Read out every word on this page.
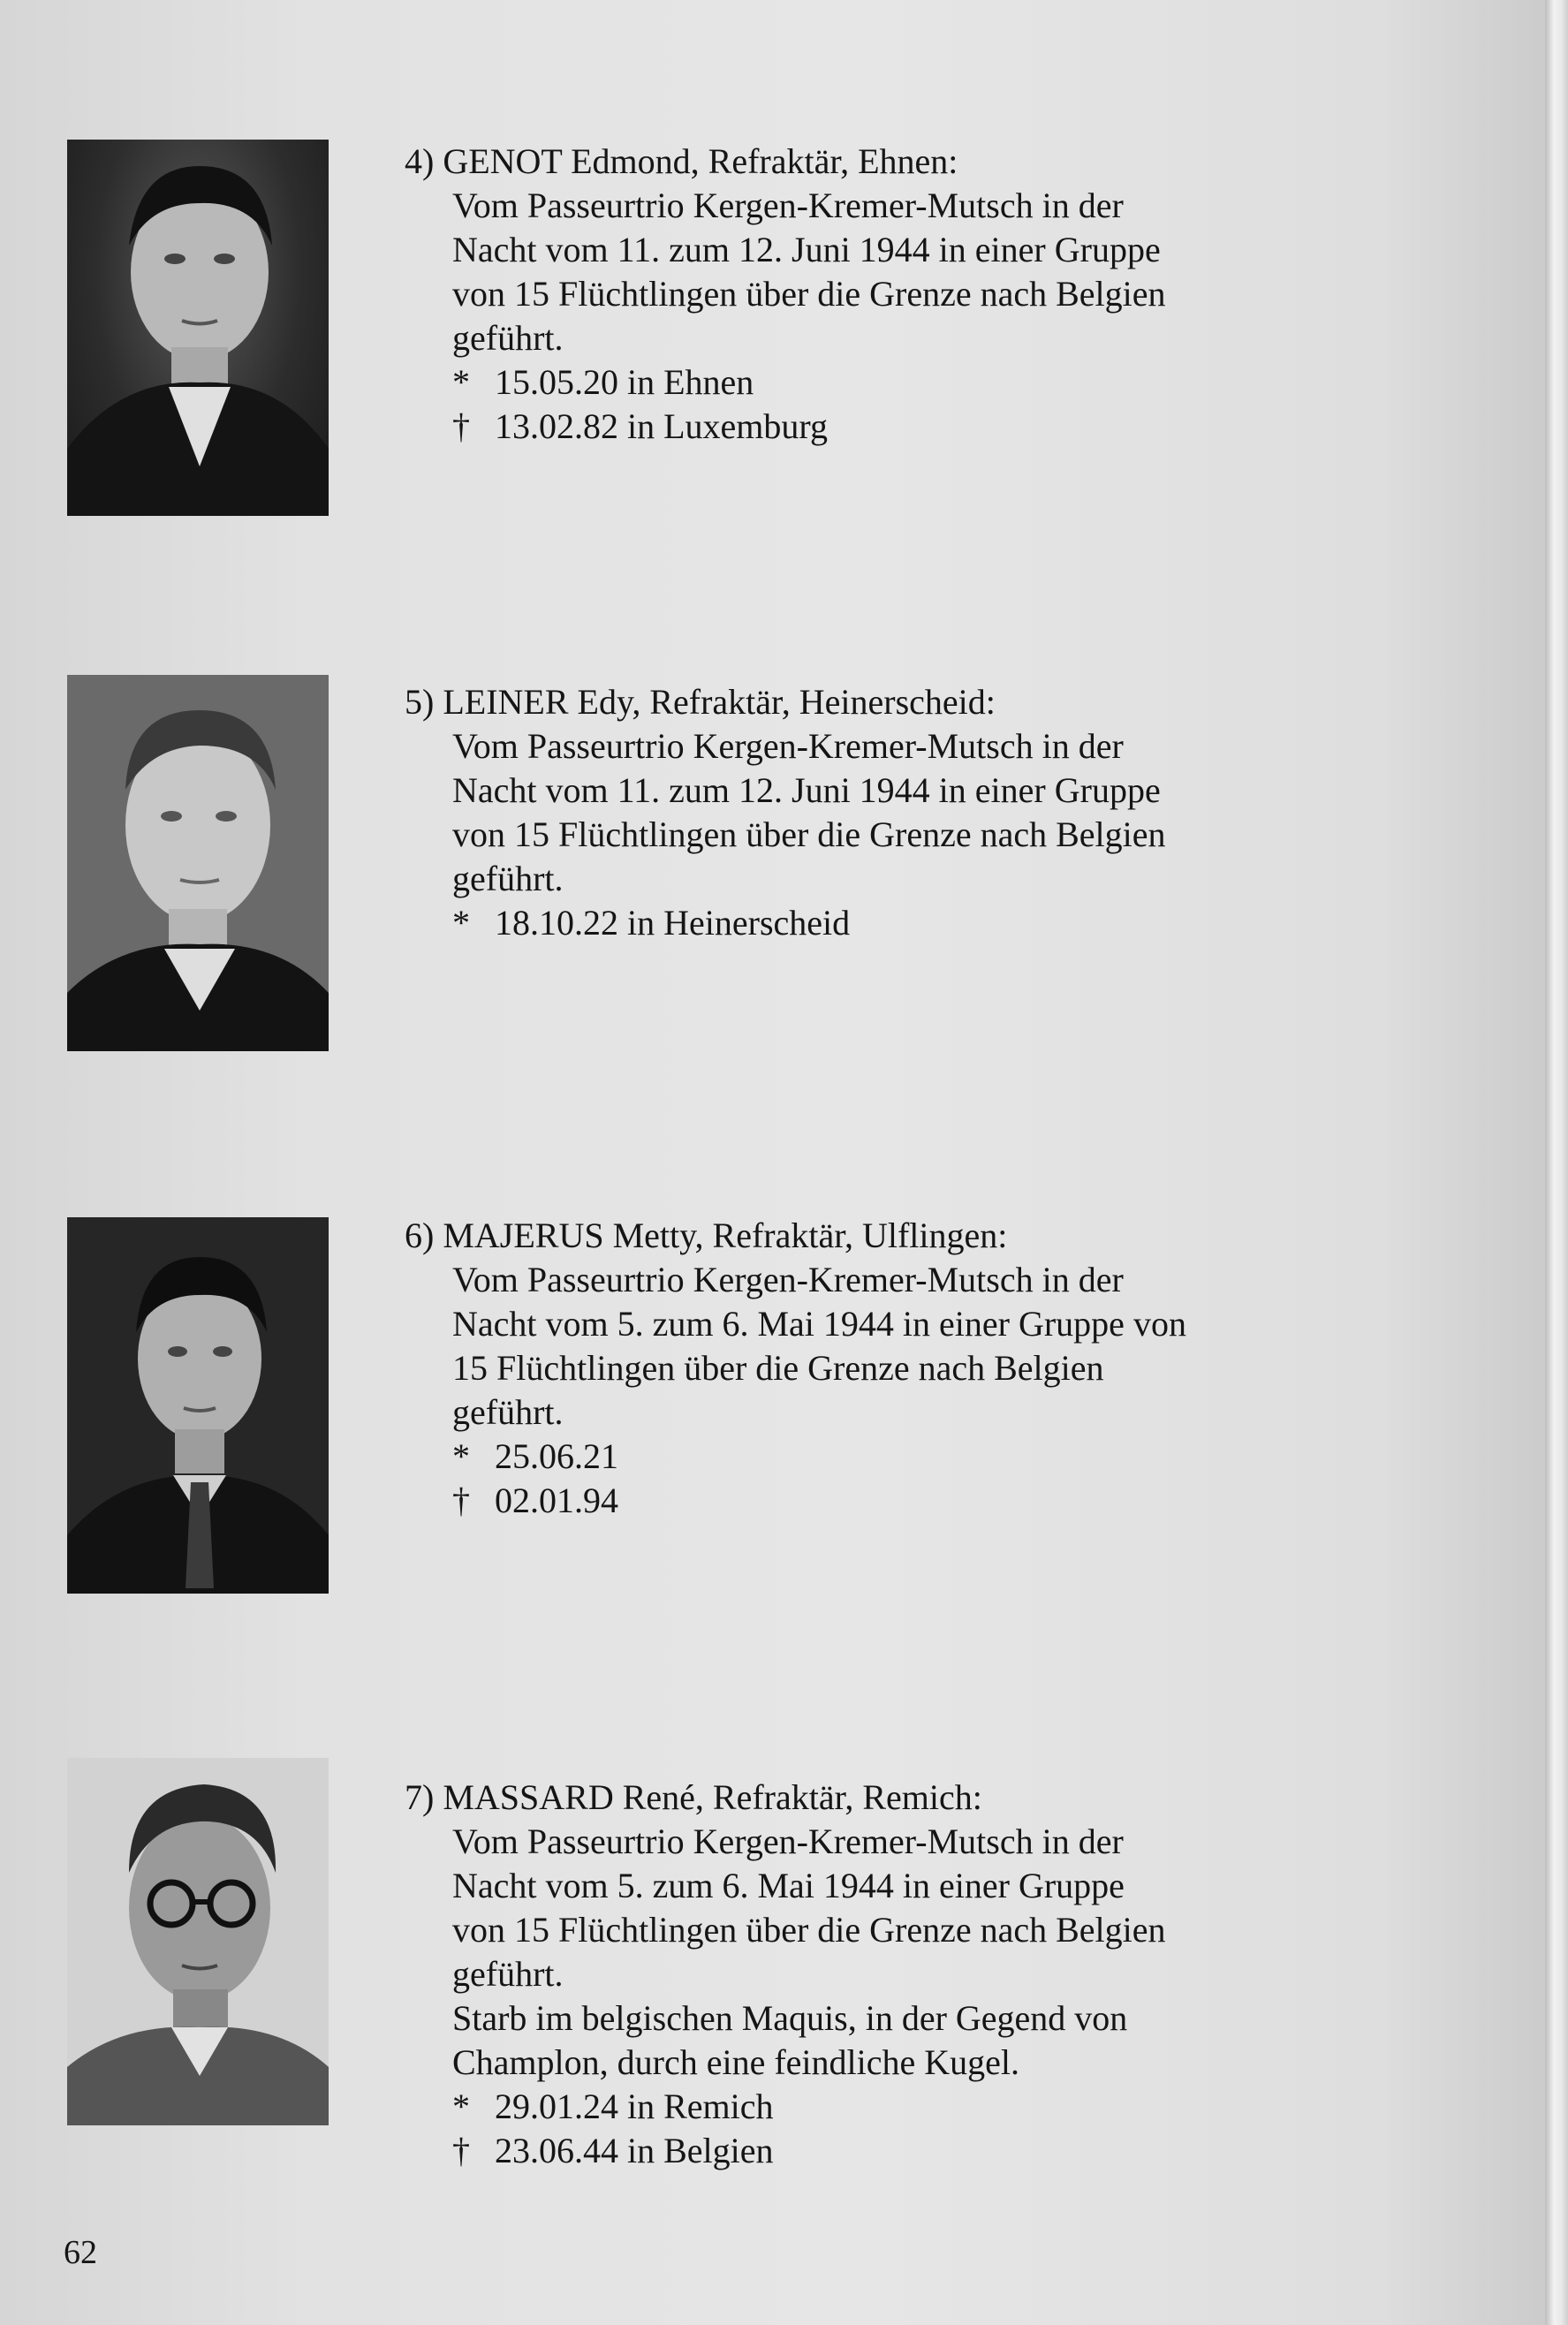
4) GENOT Edmond, Refraktär, Ehnen:
Vom Passeurtrio Kergen-Kremer-Mutsch in der
Nacht vom 11. zum 12. Juni 1944 in einer Gruppe
von 15 Flüchtlingen über die Grenze nach Belgien
geführt.
* 15.05.20 in Ehnen
† 13.02.82 in Luxemburg
5) LEINER Edy, Refraktär, Heinerscheid:
Vom Passeurtrio Kergen-Kremer-Mutsch in der
Nacht vom 11. zum 12. Juni 1944 in einer Gruppe
von 15 Flüchtlingen über die Grenze nach Belgien
geführt.
* 18.10.22 in Heinerscheid
6) MAJERUS Metty, Refraktär, Ulflingen:
Vom Passeurtrio Kergen-Kremer-Mutsch in der
Nacht vom 5. zum 6. Mai 1944 in einer Gruppe von
15 Flüchtlingen über die Grenze nach Belgien
geführt.
* 25.06.21
† 02.01.94
7) MASSARD René, Refraktär, Remich:
Vom Passeurtrio Kergen-Kremer-Mutsch in der
Nacht vom 5. zum 6. Mai 1944 in einer Gruppe
von 15 Flüchtlingen über die Grenze nach Belgien
geführt.
Starb im belgischen Maquis, in der Gegend von
Champlon, durch eine feindliche Kugel.
* 29.01.24 in Remich
† 23.06.44 in Belgien
62
